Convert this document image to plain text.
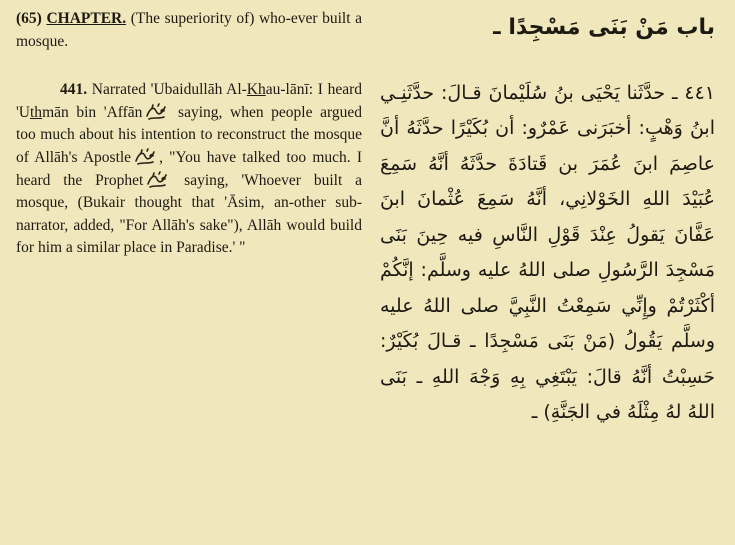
(65) CHAPTER. (The superiority of) who-ever built a mosque.

441. Narrated 'Ubaidullāh Al-Khau-lānī: I heard 'Uthmān bin 'Affān
saying, when people argued too much about his intention to reconstruct the mosque of Allāh's Apostle , "You have talked too much. I heard the Prophet
saying, 'Whoever built a mosque, (Bukair thought that 'Āsim, an-other sub-narrator, added, "For Allāh's sake"), Allāh would build for him a similar place in Paradise.' "

باب مَنْ بَنَى مَسْجِدًا ـ

٤٤١ ـ حدَّثَنا يَحْيَى بنُ سُلَيْمانَ قـالَ: حدَّثَنِـي ابنُ وَهْبٍ: أخبَرَنى عَمْرٌو: أن بُكَيْرًا حدَّثَهُ أنَّ عاصِمَ ابنَ عُمَرَ بن قَتادَةَ حدَّثَهُ أنَّهُ سَمِعَ عُبَيْدَ اللهِ الخَوْلانِي، أنَّهُ سَمِعَ عُثْمانَ ابنَ عَفَّانَ يَقولُ عِنْدَ قَوْلِ النَّاسِ فيه حِينَ بَنَى مَسْجِدَ الرَّسُولِ صلى اللهُ عليه وسلَّم: إنَّكُمْ أكْثَرْتُمْ وإِنِّي سَمِعْتُ النَّبِيَّ صلى اللهُ عليه وسلَّم يَقُولُ (مَنْ بَنَى مَسْجِدًا ـ قـالَ بُكَيْرٌ: حَسِبْتُ أنَّهُ قالَ: يَبْتَغِي بِهِ وَجْهَ اللهِ ـ بَنَى اللهُ لهُ مِثْلَهُ في الجَنَّةِ) ـ
